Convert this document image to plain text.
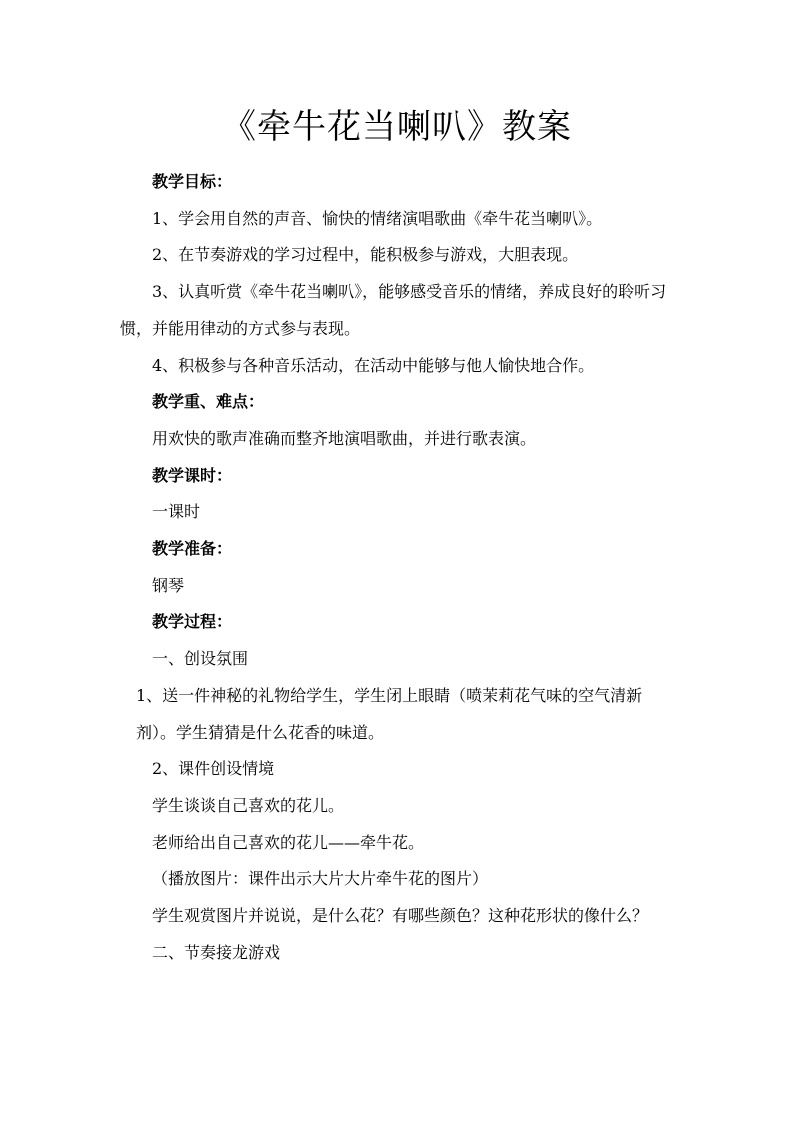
《牵牛花当喇叭》教案

教学目标：

1、学会用自然的声音、愉快的情绪演唱歌曲《牵牛花当喇叭》。

2、在节奏游戏的学习过程中，能积极参与游戏，大胆表现。

3、认真听赏《牵牛花当喇叭》，能够感受音乐的情绪，养成良好的聆听习惯，并能用律动的方式参与表现。

4、积极参与各种音乐活动，在活动中能够与他人愉快地合作。

教学重、难点：

用欢快的歌声准确而整齐地演唱歌曲，并进行歌表演。

教学课时：

一课时

教学准备：

钢琴

教学过程：

一、创设氛围

1、送一件神秘的礼物给学生，学生闭上眼睛（喷茉莉花气味的空气清新剂）。学生猜猜是什么花香的味道。

2、课件创设情境

学生谈谈自己喜欢的花儿。

老师给出自己喜欢的花儿——牵牛花。

（播放图片：课件出示大片大片牵牛花的图片）

学生观赏图片并说说，是什么花？有哪些颜色？这种花形状的像什么？

二、节奏接龙游戏
